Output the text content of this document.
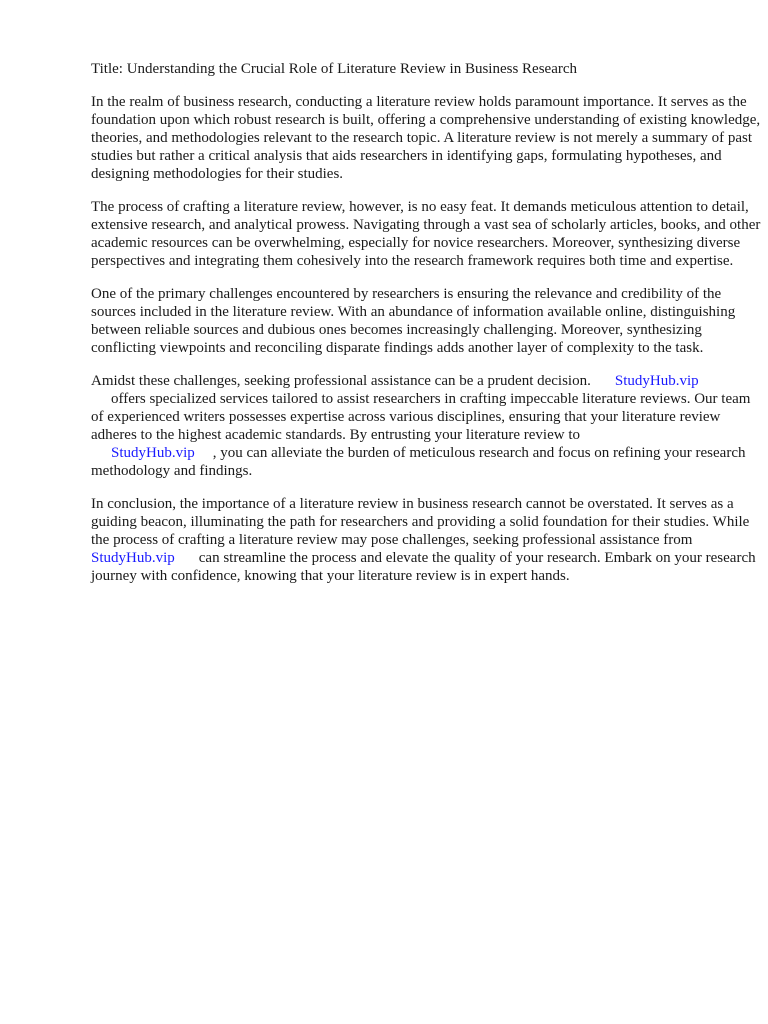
Title: Understanding the Crucial Role of Literature Review in Business Research

In the realm of business research, conducting a literature review holds paramount importance. It serves as the foundation upon which robust research is built, offering a comprehensive understanding of existing knowledge, theories, and methodologies relevant to the research topic. A literature review is not merely a summary of past studies but rather a critical analysis that aids researchers in identifying gaps, formulating hypotheses, and designing methodologies for their studies.

The process of crafting a literature review, however, is no easy feat. It demands meticulous attention to detail, extensive research, and analytical prowess. Navigating through a vast sea of scholarly articles, books, and other academic resources can be overwhelming, especially for novice researchers. Moreover, synthesizing diverse perspectives and integrating them cohesively into the research framework requires both time and expertise.

One of the primary challenges encountered by researchers is ensuring the relevance and credibility of the sources included in the literature review. With an abundance of information available online, distinguishing between reliable sources and dubious ones becomes increasingly challenging. Moreover, synthesizing conflicting viewpoints and reconciling disparate findings adds another layer of complexity to the task.

Amidst these challenges, seeking professional assistance can be a prudent decision. StudyHub.vip
offers specialized services tailored to assist researchers in crafting impeccable literature reviews. Our team of experienced writers possesses expertise across various disciplines, ensuring that your literature review adheres to the highest academic standards. By entrusting your literature review to
StudyHub.vip , you can alleviate the burden of meticulous research and focus on refining your research methodology and findings.

In conclusion, the importance of a literature review in business research cannot be overstated. It serves as a guiding beacon, illuminating the path for researchers and providing a solid foundation for their studies. While the process of crafting a literature review may pose challenges, seeking professional assistance fromStudyHub.vip can streamline the process and elevate the quality of your research. Embark on your research journey with confidence, knowing that your literature review is in expert hands.
